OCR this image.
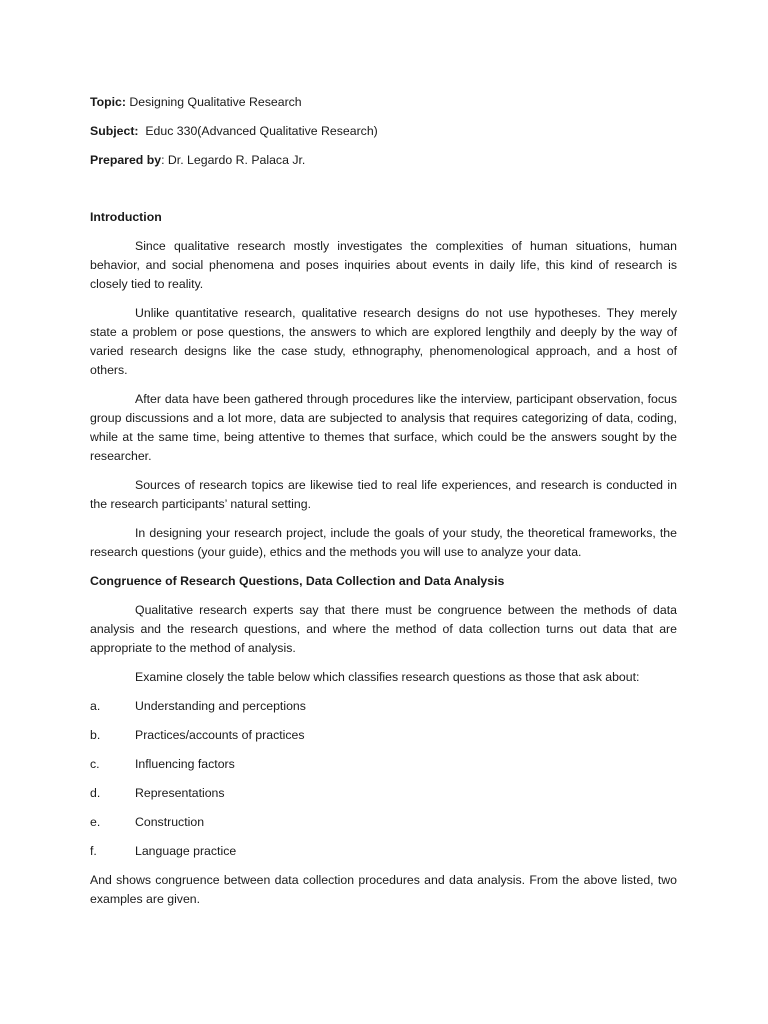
Topic: Designing Qualitative Research

Subject:  Educ 330(Advanced Qualitative Research)

Prepared by: Dr. Legardo R. Palaca Jr.

Introduction

Since qualitative research mostly investigates the complexities of human situations, human behavior, and social phenomena and poses inquiries about events in daily life, this kind of research is closely tied to reality.

Unlike quantitative research, qualitative research designs do not use hypotheses. They merely state a problem or pose questions, the answers to which are explored lengthily and deeply by the way of varied research designs like the case study, ethnography, phenomenological approach, and a host of others.

After data have been gathered through procedures like the interview, participant observation, focus group discussions and a lot more, data are subjected to analysis that requires categorizing of data, coding, while at the same time, being attentive to themes that surface, which could be the answers sought by the researcher.

Sources of research topics are likewise tied to real life experiences, and research is conducted in the research participants’ natural setting.

In designing your research project, include the goals of your study, the theoretical frameworks, the research questions (your guide), ethics and the methods you will use to analyze your data.

Congruence of Research Questions, Data Collection and Data Analysis

Qualitative research experts say that there must be congruence between the methods of data analysis and the research questions, and where the method of data collection turns out data that are appropriate to the method of analysis.

Examine closely the table below which classifies research questions as those that ask about:

a.	Understanding and perceptions
b.	Practices/accounts of practices
c.	Influencing factors
d.	Representations
e.	Construction
f.	Language practice

And shows congruence between data collection procedures and data analysis. From the above listed, two examples are given.
